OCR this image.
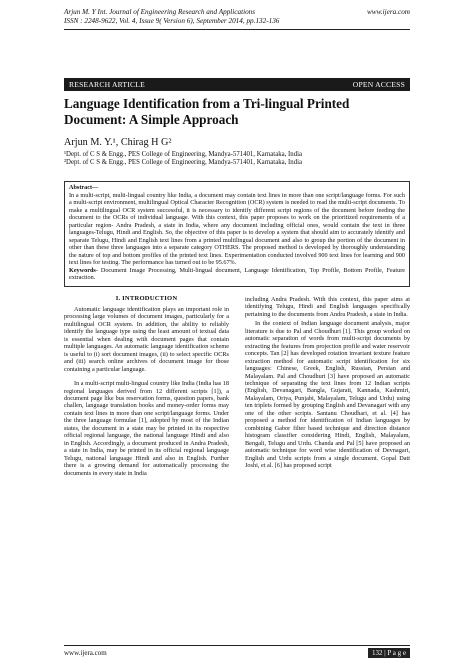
Arjun M. Y Int. Journal of Engineering Research and Applications	www.ijera.com
ISSN : 2248-9622, Vol. 4, Issue 9( Version 6), September 2014, pp.132-136
RESEARCH ARTICLE	OPEN ACCESS
Language Identification from a Tri-lingual Printed Document: A Simple Approach
Arjun M. Y.¹, Chirag H G²
¹Dept. of C S & Engg., PES College of Engineering, Mandya-571401, Karnataka, India
²Dept. of C S & Engg., PES College of Engineering, Mandya-571401, Karnataka, India
Abstract—
In a multi-script, multi-lingual country like India, a document may contain text lines in more than one script/language forms. For such a multi-script environment, multilingual Optical Character Recognition (OCR) system is needed to read the multi-script documents. To make a multilingual OCR system successful, it is necessary to identify different script regions of the document before feeding the document to the OCRs of individual language. With this context, this paper proposes to work on the prioritized requirements of a particular region- Andra Pradesh, a state in India, where any document including official ones, would contain the text in three languages-Telugu, Hindi and English. So, the objective of this paper is to develop a system that should aim to accurately identify and separate Telugu, Hindi and English text lines from a printed multilingual document and also to group the portion of the document in other than these three languages into a separate category OTHERS. The proposed method is developed by thoroughly understanding the nature of top and bottom profiles of the printed text lines. Experimentation conducted involved 900 text lines for learning and 900 text lines for testing. The performance has turned out to be 95.67%.
Keywords- Document Image Processing, Multi-lingual document, Language Identification, Top Profile, Bottom Profile, Feature extraction.
I. INTRODUCTION

Automatic language identification plays an important role in processing large volumes of document images, particularly for a multilingual OCR system. In addition, the ability to reliably identify the language type using the least amount of textual data is essential when dealing with document pages that contain multiple languages. An automatic language identification scheme is useful to (i) sort document images, (ii) to select specific OCRs and (iii) search online archives of document image for those containing a particular language.

In a multi-script multi-lingual country like India (India has 18 regional languages derived from 12 different scripts [1]), a document page like bus reservation forms, question papers, bank challen, language translation books and money-order forms may contain text lines in more than one script/language forms. Under the three language formulae [1], adopted by most of the Indian states, the document in a state may be printed in its respective official regional language, the national language Hindi and also in English. Accordingly, a document produced in Andra Pradesh, a state in India, may be printed in its official regional language Telugu, national language Hindi and also in English. Further there is a growing demand for automatically processing the documents in every state in India

including Andra Pradesh. With this context, this paper aims at identifying Telugu, Hindi and English languages specifically pertaining to the documents from Andra Pradesh, a state in India.

In the context of Indian language document analysis, major literature is due to Pal and Choudhuri [1]. This group worked on automatic separation of words from multi-script documents by extracting the features from projection profile and water reservoir concepts. Tan [2] has developed rotation invariant texture feature extraction method for automatic script identification for six languages: Chinese, Greek, English, Russian, Persian and Malayalam. Pal and Choudhuri [3] have proposed an automatic technique of separating the text lines from 12 Indian scripts (English, Devanagari, Bangla, Gujarati, Kannada, Kashmiri, Malayalam, Oriya, Punjabi, Malayalam, Telugu and Urdu) using ten triplets formed by grouping English and Devanagari with any one of the other scripts. Santanu Choudhari, et al. [4] has proposed a method for identification of Indian languages by combining Gabor filter based technique and direction distance histogram classifier considering Hindi, English, Malayalam, Bengali, Telugu and Urdu. Chanda and Pal [5] have proposed an automatic technique for word wise identification of Devnagari, English and Urdu scripts from a single document. Gopal Datt Joshi, et al. [6] has proposed script

www.ijera.com	132 | P a g e
